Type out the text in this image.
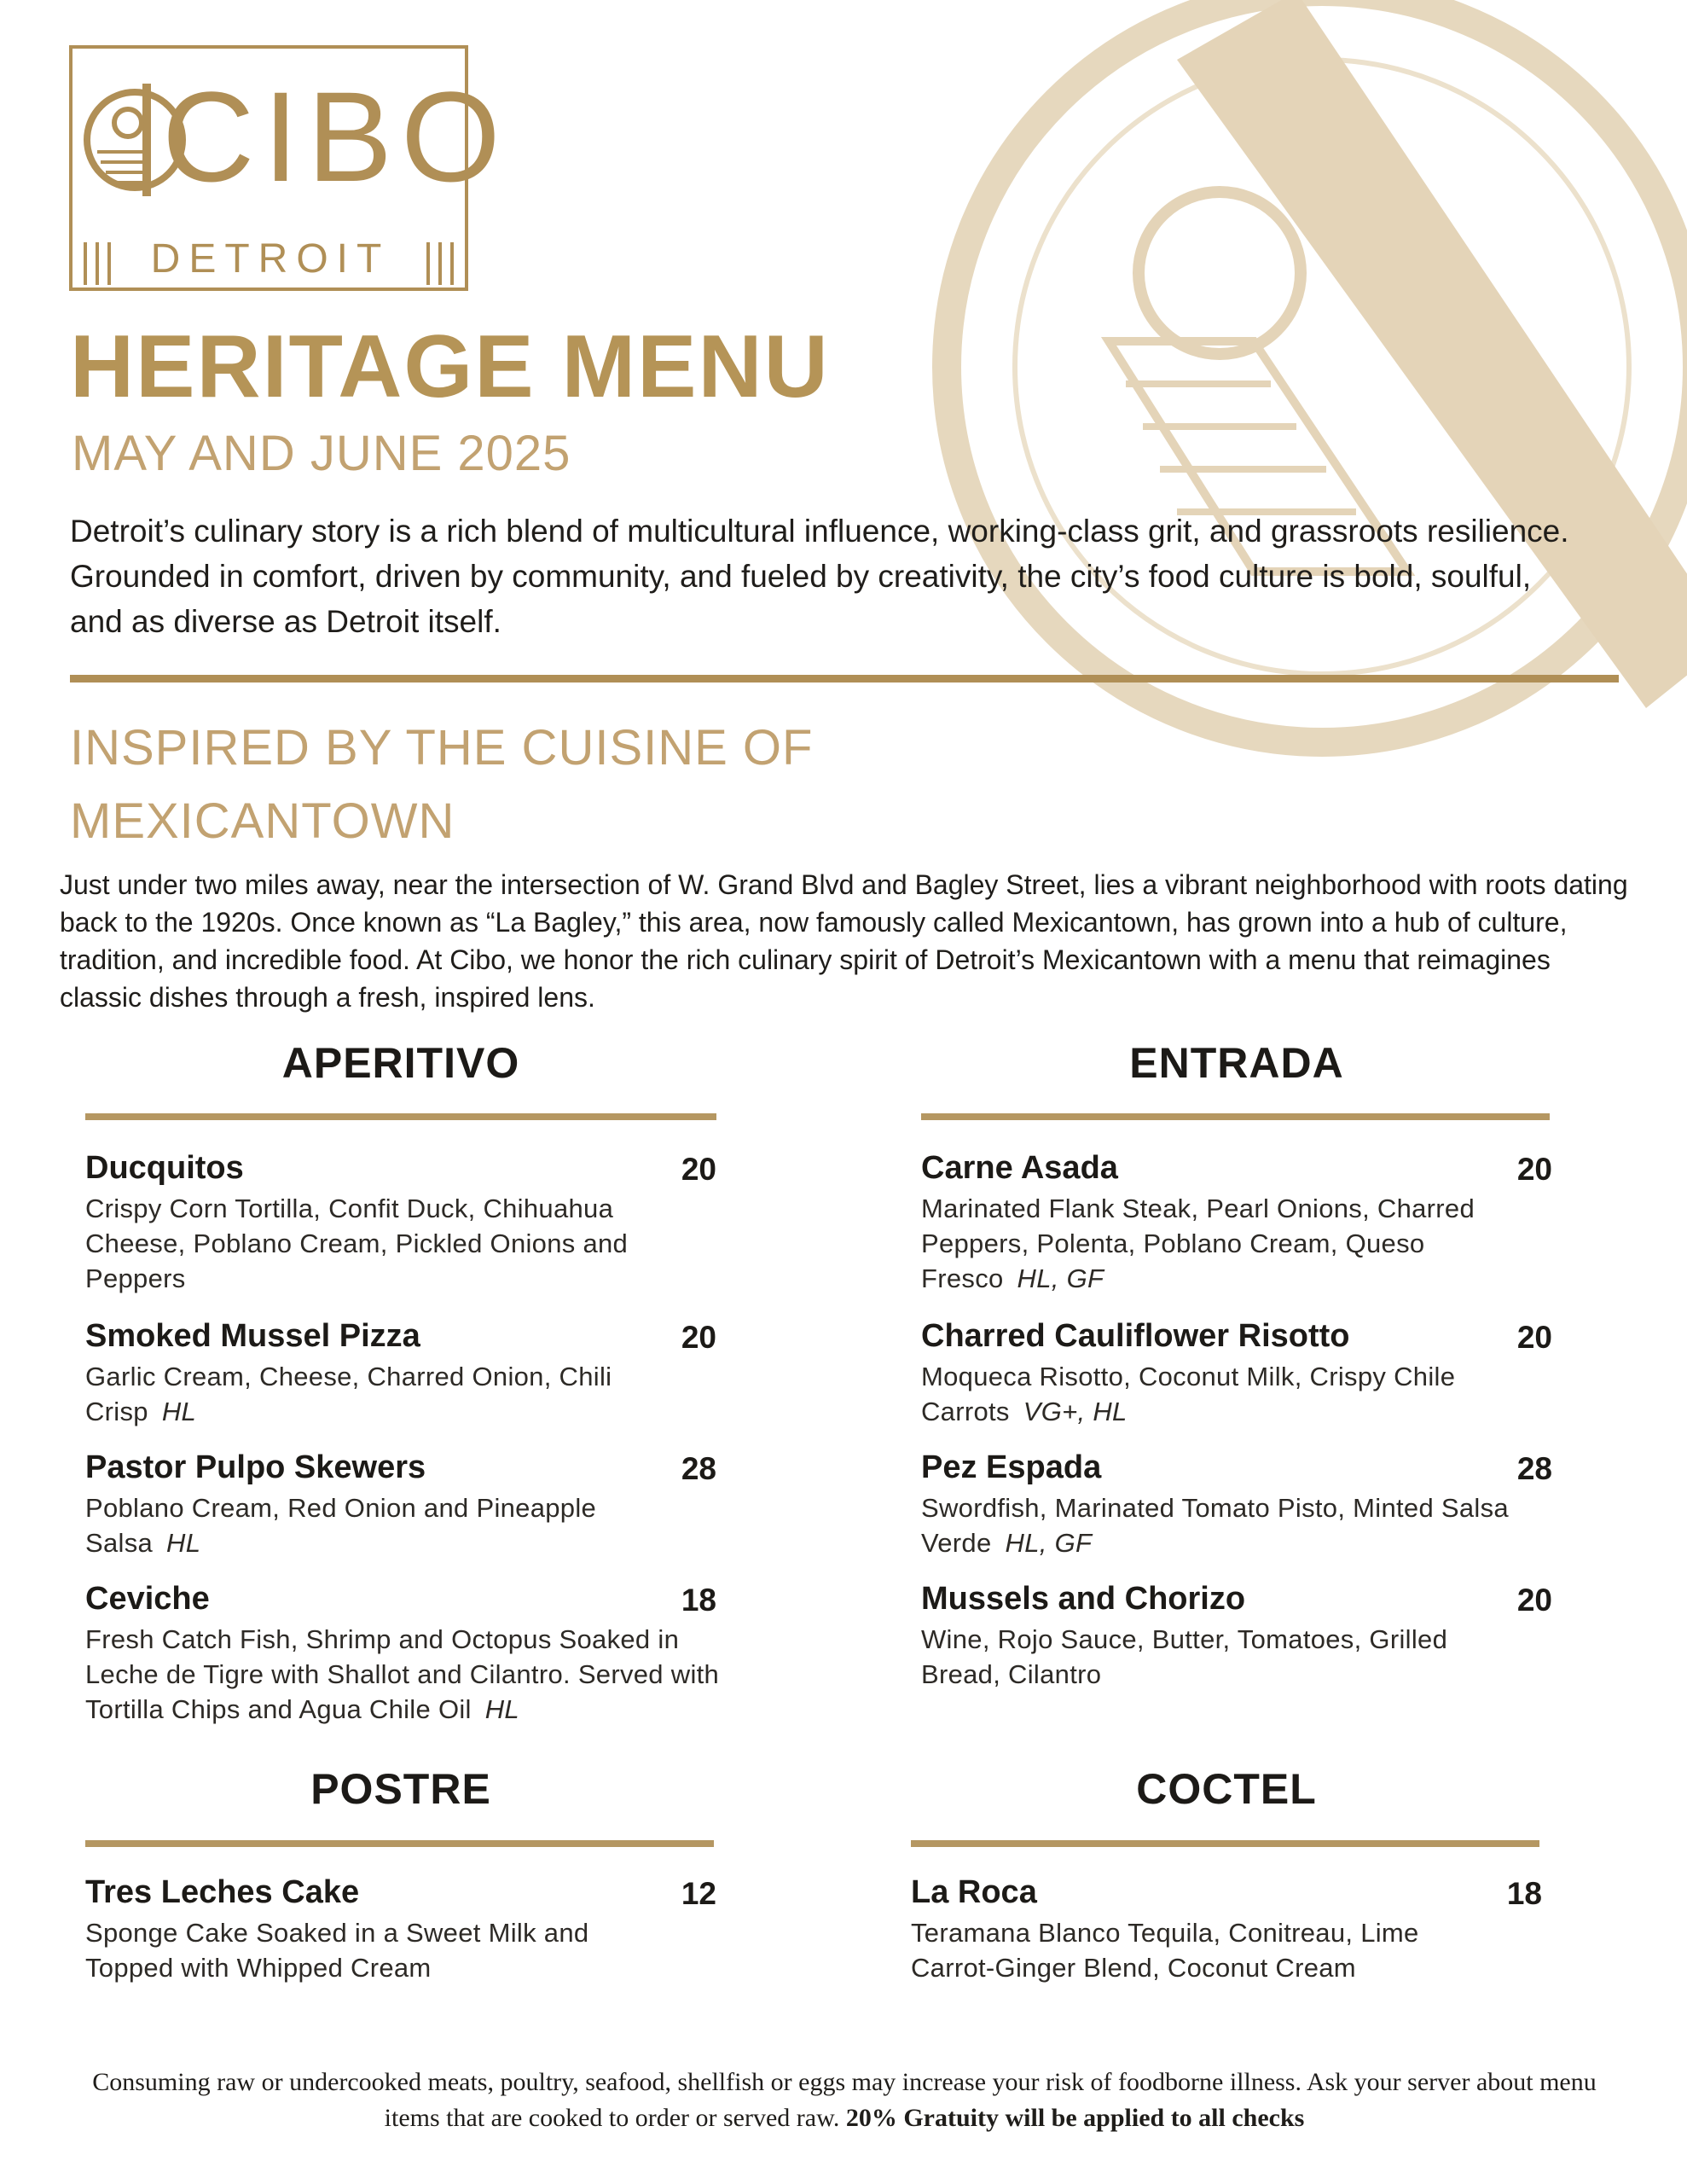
CIBO
DETROIT
HERITAGE MENU
MAY AND JUNE 2025
Detroit’s culinary story is a rich blend of multicultural influence, working-class grit, and grassroots resilience. Grounded in comfort, driven by community, and fueled by creativity, the city’s food culture is bold, soulful, and as diverse as Detroit itself.
INSPIRED BY THE CUISINE OF
MEXICANTOWN
Just under two miles away, near the intersection of W. Grand Blvd and Bagley Street, lies a vibrant neighborhood with roots dating back to the 1920s. Once known as “La Bagley,” this area, now famously called Mexicantown, has grown into a hub of culture, tradition, and incredible food. At Cibo, we honor the rich culinary spirit of Detroit’s Mexicantown with a menu that reimagines classic dishes through a fresh, inspired lens.
APERITIVO
Ducquitos	20
Crispy Corn Tortilla, Confit Duck, Chihuahua Cheese, Poblano Cream, Pickled Onions and Peppers
Smoked Mussel Pizza	20
Garlic Cream, Cheese, Charred Onion, Chili Crisp HL
Pastor Pulpo Skewers	28
Poblano Cream, Red Onion and Pineapple Salsa HL
Ceviche	18
Fresh Catch Fish, Shrimp and Octopus Soaked in Leche de Tigre with Shallot and Cilantro. Served with Tortilla Chips and Agua Chile Oil HL
ENTRADA
Carne Asada	20
Marinated Flank Steak, Pearl Onions, Charred Peppers, Polenta, Poblano Cream, Queso Fresco HL, GF
Charred Cauliflower Risotto	20
Moqueca Risotto, Coconut Milk, Crispy Chile Carrots VG+, HL
Pez Espada	28
Swordfish, Marinated Tomato Pisto, Minted Salsa Verde HL, GF
Mussels and Chorizo	20
Wine, Rojo Sauce, Butter, Tomatoes, Grilled Bread, Cilantro
POSTRE
Tres Leches Cake	12
Sponge Cake Soaked in a Sweet Milk and Topped with Whipped Cream
COCTEL
La Roca	18
Teramana Blanco Tequila, Conitreau, Lime Carrot-Ginger Blend, Coconut Cream
Consuming raw or undercooked meats, poultry, seafood, shellfish or eggs may increase your risk of foodborne illness. Ask your server about menu items that are cooked to order or served raw. 20% Gratuity will be applied to all checks
